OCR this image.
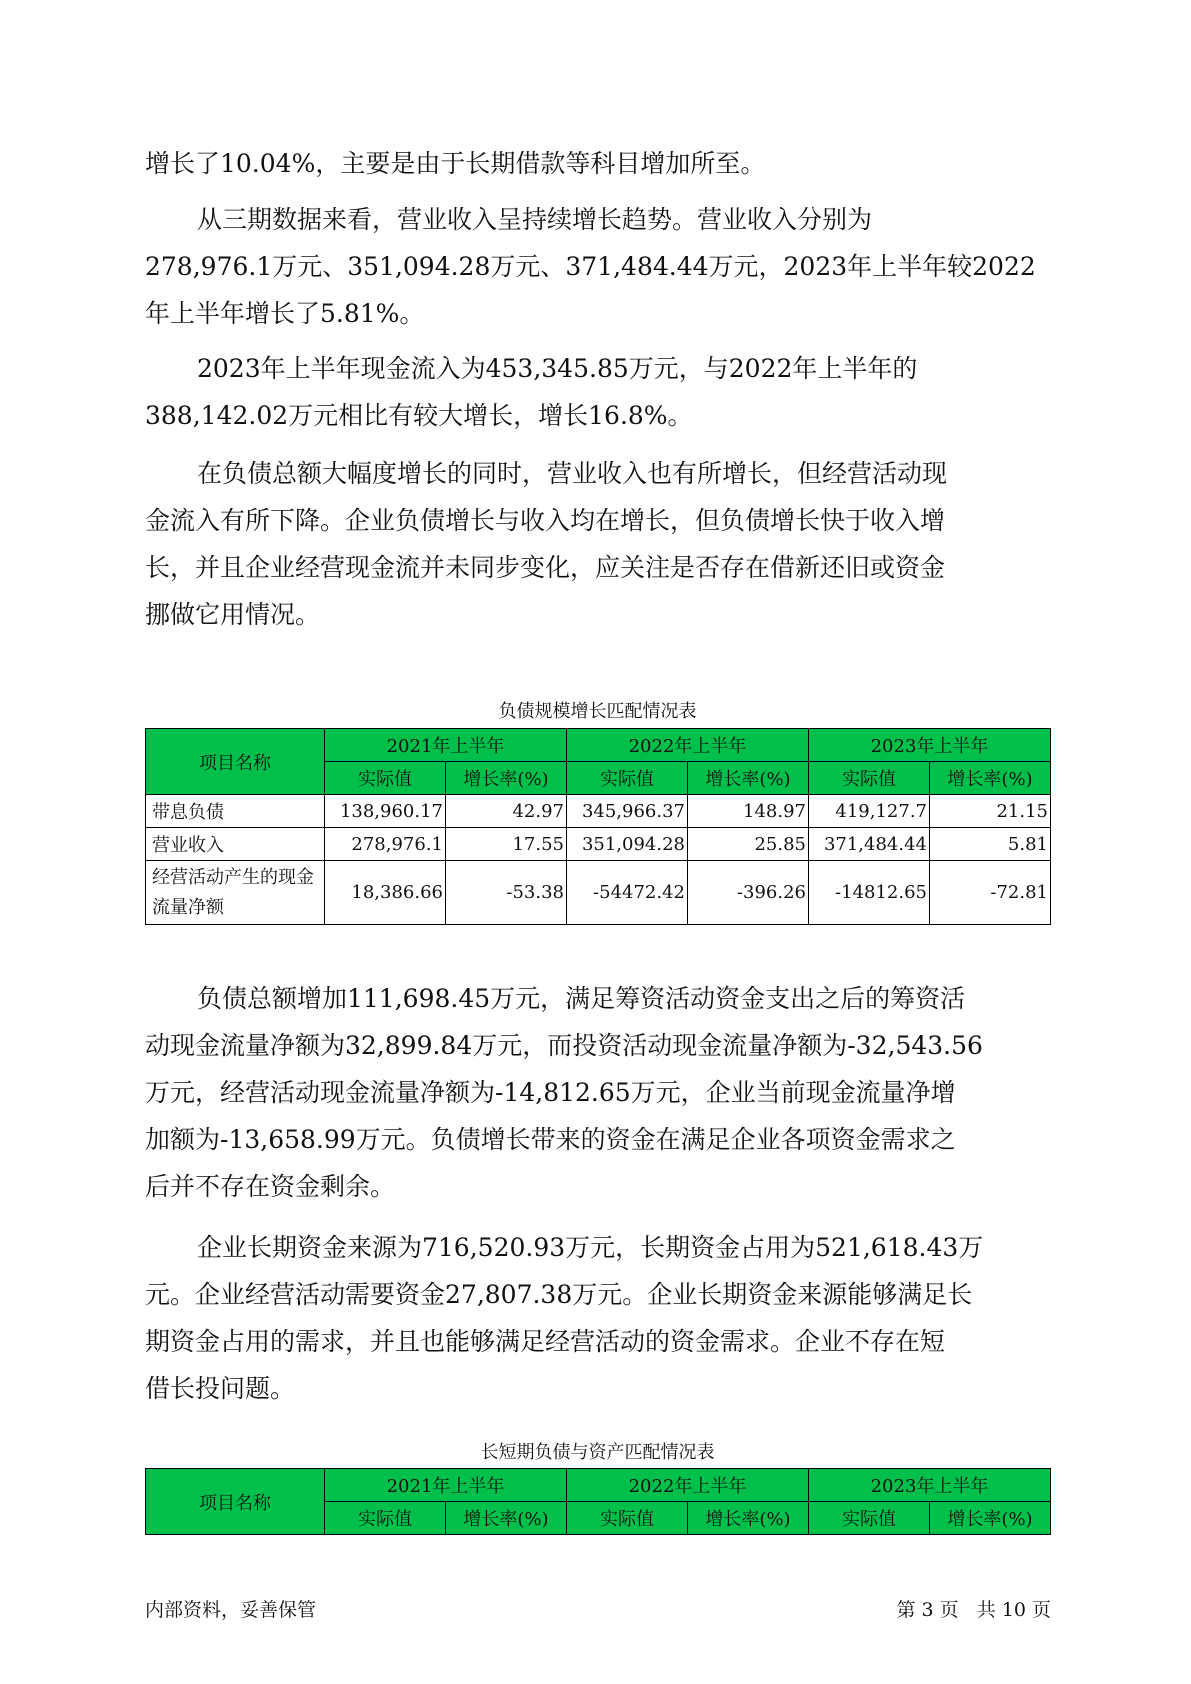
增长了10.04%，主要是由于长期借款等科目增加所至。
从三期数据来看，营业收入呈持续增长趋势。营业收入分别为
278,976.1万元、351,094.28万元、371,484.44万元，2023年上半年较2022
年上半年增长了5.81%。
2023年上半年现金流入为453,345.85万元，与2022年上半年的
388,142.02万元相比有较大增长，增长16.8%。
在负债总额大幅度增长的同时，营业收入也有所增长，但经营活动现
金流入有所下降。企业负债增长与收入均在增长，但负债增长快于收入增
长，并且企业经营现金流并未同步变化，应关注是否存在借新还旧或资金
挪做它用情况。
负债规模增长匹配情况表
项目名称	2021年上半年		2022年上半年		2023年上半年	
	实际值	增长率(%)	实际值	增长率(%)	实际值	增长率(%)
带息负债	138,960.17	42.97	345,966.37	148.97	419,127.7	21.15
营业收入	278,976.1	17.55	351,094.28	25.85	371,484.44	5.81
经营活动产生的现金流量净额	18,386.66	-53.38	-54472.42	-396.26	-14812.65	-72.81
负债总额增加111,698.45万元，满足筹资活动资金支出之后的筹资活
动现金流量净额为32,899.84万元，而投资活动现金流量净额为-32,543.56
万元，经营活动现金流量净额为-14,812.65万元，企业当前现金流量净增
加额为-13,658.99万元。负债增长带来的资金在满足企业各项资金需求之
后并不存在资金剩余。
企业长期资金来源为716,520.93万元，长期资金占用为521,618.43万
元。企业经营活动需要资金27,807.38万元。企业长期资金来源能够满足长
期资金占用的需求，并且也能够满足经营活动的资金需求。企业不存在短
借长投问题。
长短期负债与资产匹配情况表
项目名称	2021年上半年		2022年上半年		2023年上半年	
	实际值	增长率(%)	实际值	增长率(%)	实际值	增长率(%)
内部资料，妥善保管	第 3 页   共 10 页
